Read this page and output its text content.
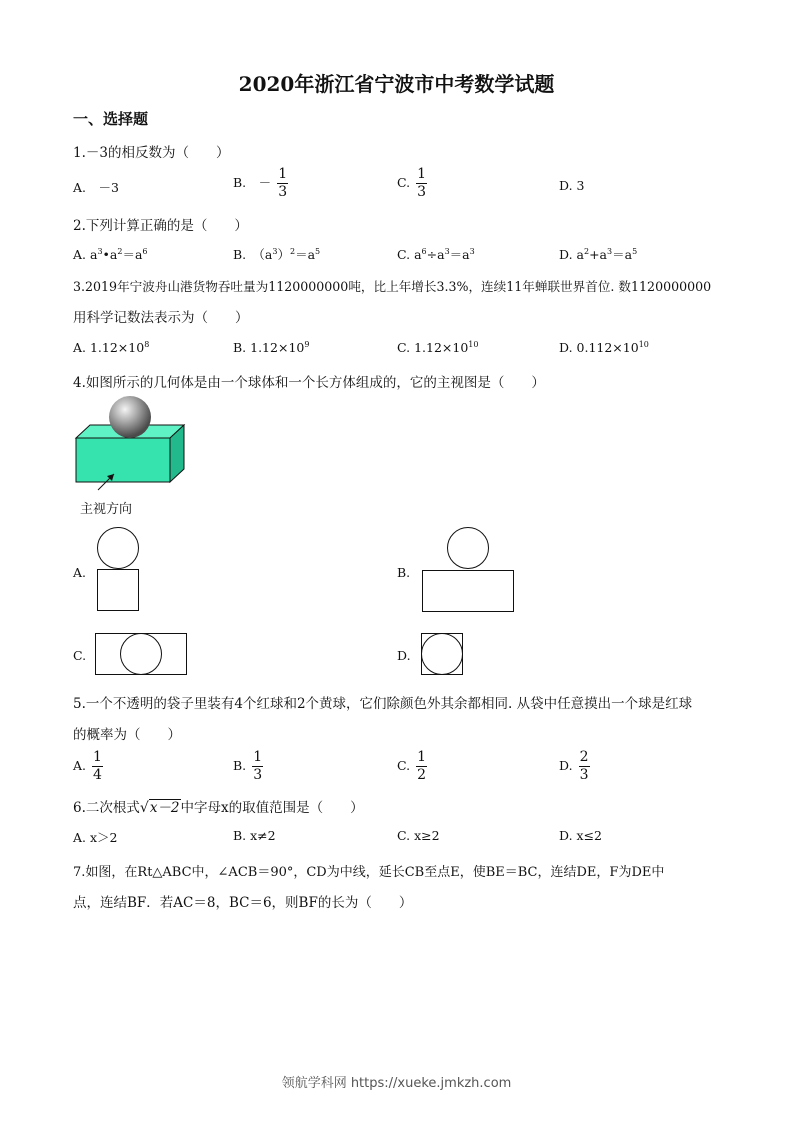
2020年浙江省宁波市中考数学试题
一、选择题
1.－3的相反数为（　　）
A.　－3	B.　－ $\frac{1}{3}$	C. $\frac{1}{3}$	D. 3
2.下列计算正确的是（　　）
A. $a^3•a^2=a^6$	B.　$(a^3)^2=a^5$	C. $a^6\div a^3=a^3$	D. $a^2+a^3=a^5$
3.2019年宁波舟山港货物吞吐量为1120000000吨，比上年增长3.3%，连续11年蝉联世界首位. 数1120000000
用科学记数法表示为（　　）
A. $1.12\times 10^8$	B. $1.12\times 10^9$	C. $1.12\times 10^{10}$	D. $0.112\times 10^{10}$
4.如图所示的几何体是由一个球体和一个长方体组成的，它的主视图是（　　）
主视方向
A.	B.
C.	D.
5.一个不透明的袋子里装有4个红球和2个黄球，它们除颜色外其余都相同. 从袋中任意摸出一个球是红球
的概率为（　　）
A. $\frac{1}{4}$	B. $\frac{1}{3}$	C. $\frac{1}{2}$	D. $\frac{2}{3}$
6.二次根式√x－2中字母x的取值范围是（　　）
A. x＞2	B. x≠2	C. x≥2	D. x≤2
7.如图，在Rt△ABC中，∠ACB＝90°，CD为中线，延长CB至点E，使BE＝BC，连结DE，F为DE中
点，连结BF．若AC＝8，BC＝6，则BF的长为（　　）
领航学科网 https://xueke.jmkzh.com
